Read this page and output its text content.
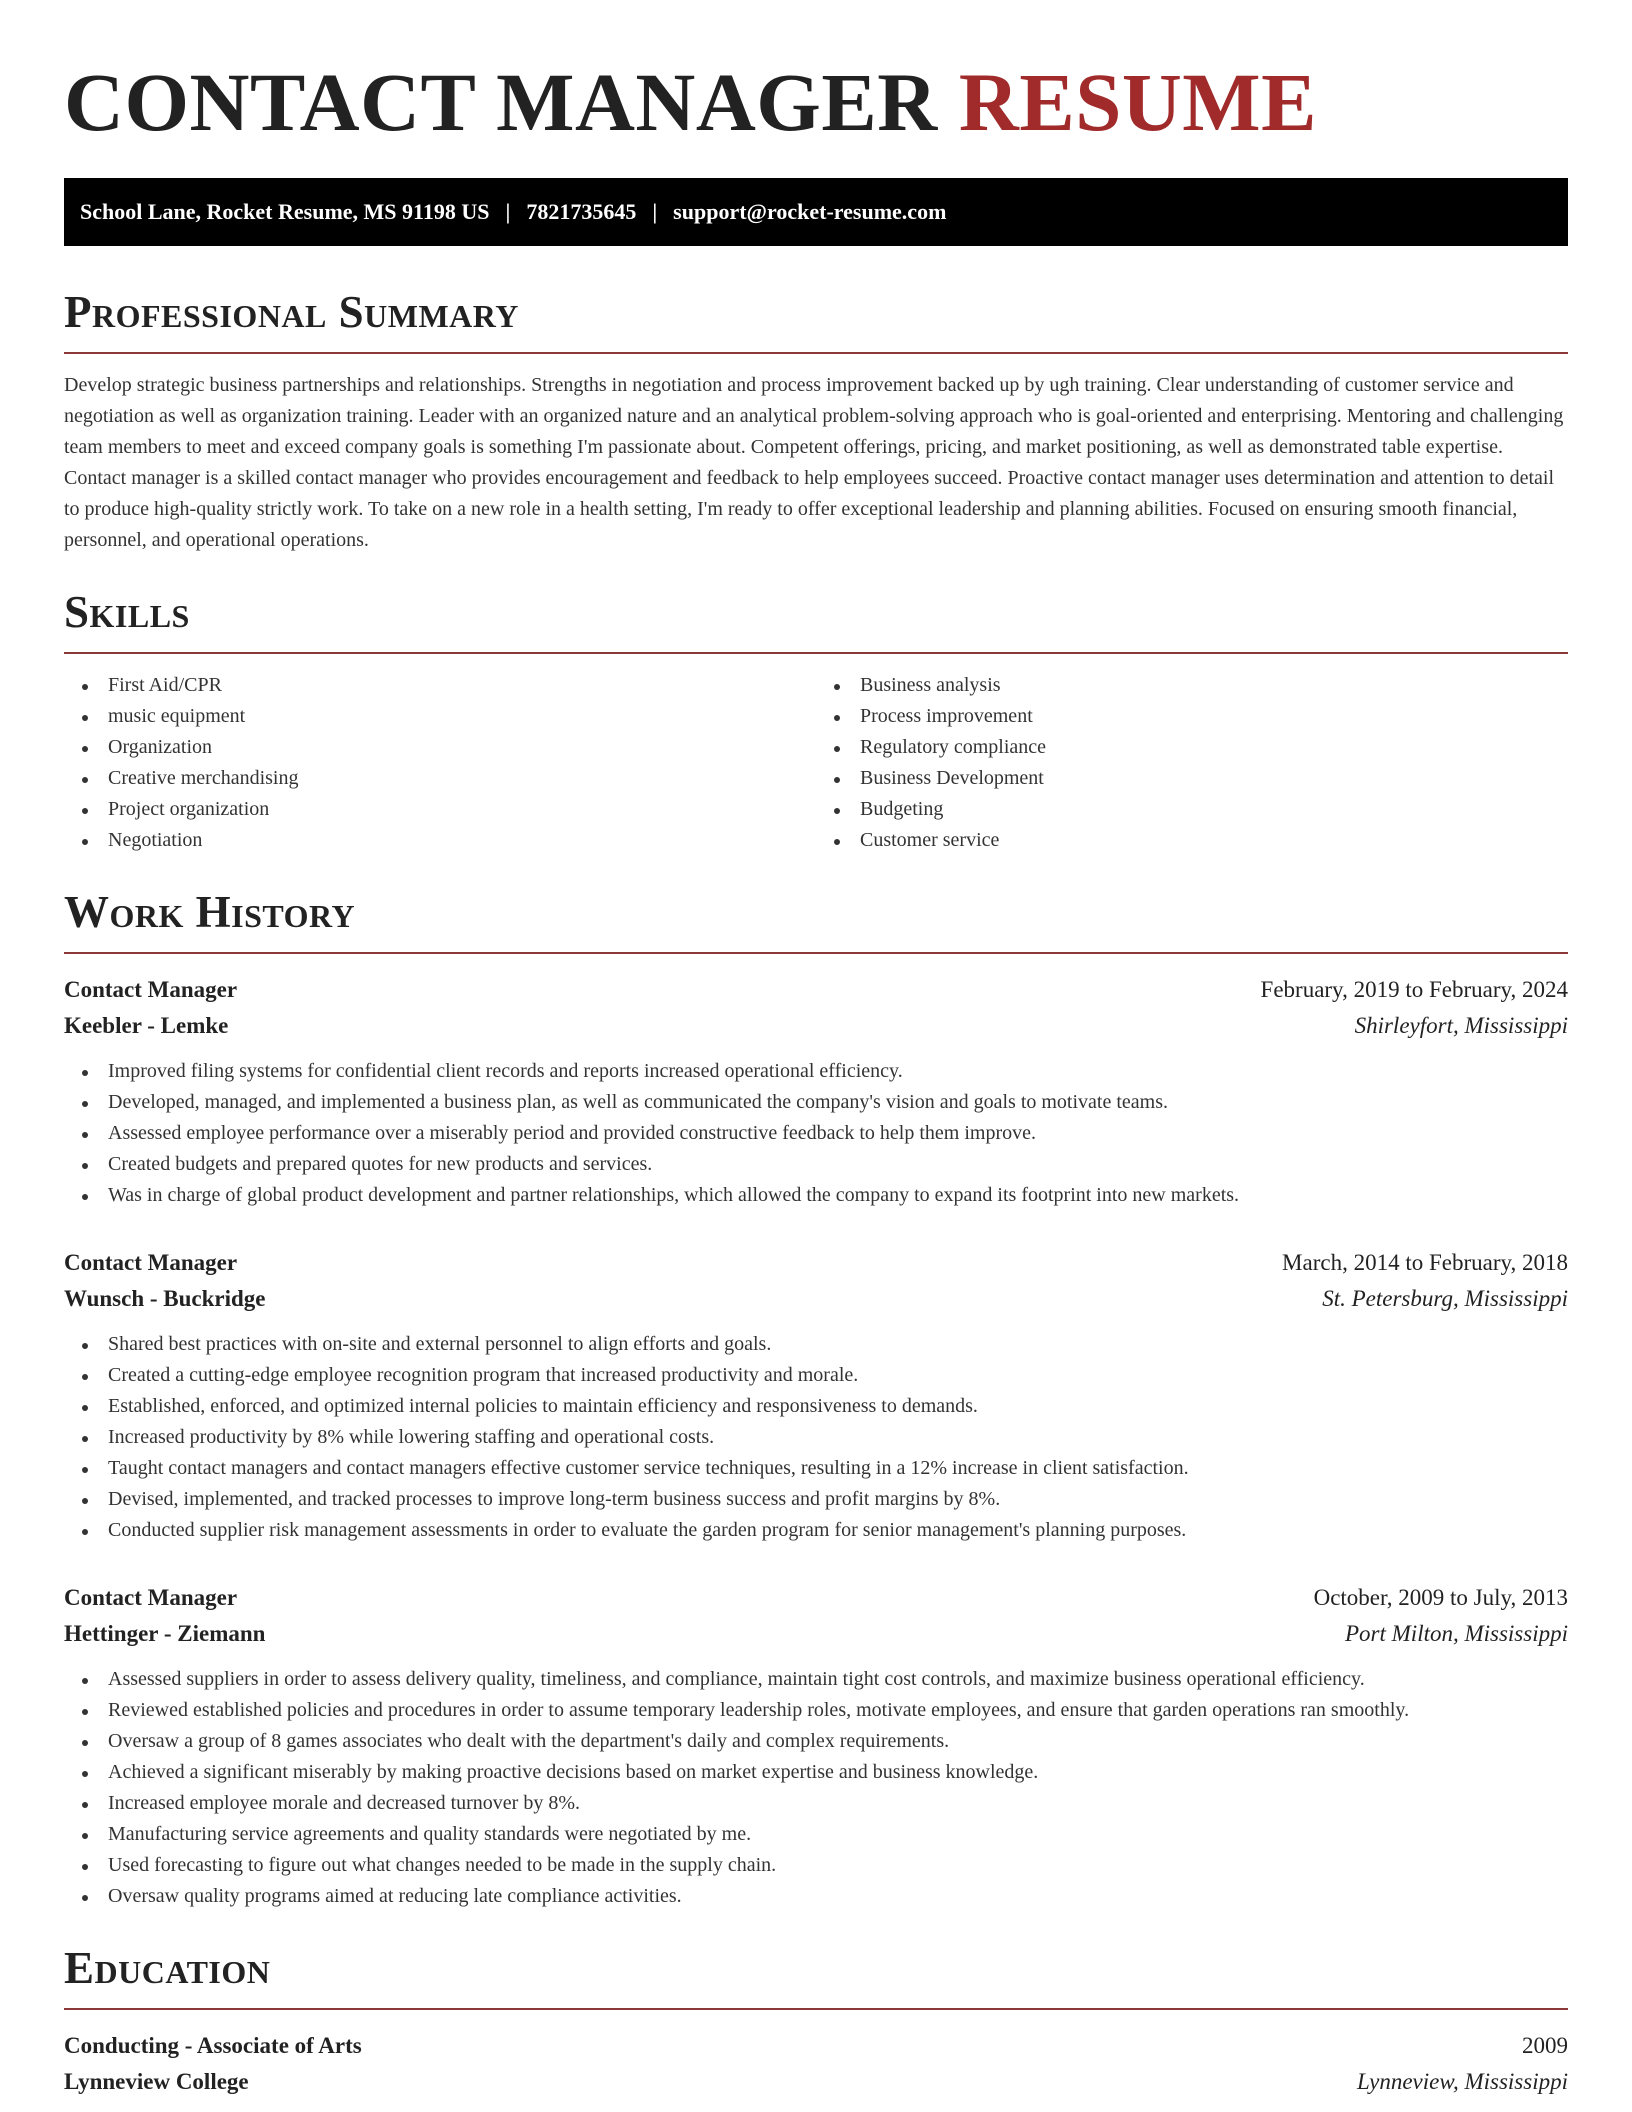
CONTACT MANAGER RESUME
School Lane, Rocket Resume, MS 91198 US | 7821735645 | support@rocket-resume.com
Professional Summary

Develop strategic business partnerships and relationships. Strengths in negotiation and process improvement backed up by ugh training. Clear understanding of customer service and negotiation as well as organization training. Leader with an organized nature and an analytical problem-solving approach who is goal-oriented and enterprising. Mentoring and challenging team members to meet and exceed company goals is something I'm passionate about. Competent offerings, pricing, and market positioning, as well as demonstrated table expertise. Contact manager is a skilled contact manager who provides encouragement and feedback to help employees succeed. Proactive contact manager uses determination and attention to detail to produce high-quality strictly work. To take on a new role in a health setting, I'm ready to offer exceptional leadership and planning abilities. Focused on ensuring smooth financial, personnel, and operational operations.

Skills
First Aid/CPR
music equipment
Organization
Creative merchandising
Project organization
Negotiation
Business analysis
Process improvement
Regulatory compliance
Business Development
Budgeting
Customer service
Work History
Contact Manager	February, 2019 to February, 2024
Keebler - Lemke	Shirleyfort, Mississippi
Improved filing systems for confidential client records and reports increased operational efficiency.
Developed, managed, and implemented a business plan, as well as communicated the company's vision and goals to motivate teams.
Assessed employee performance over a miserably period and provided constructive feedback to help them improve.
Created budgets and prepared quotes for new products and services.
Was in charge of global product development and partner relationships, which allowed the company to expand its footprint into new markets.
Contact Manager	March, 2014 to February, 2018
Wunsch - Buckridge	St. Petersburg, Mississippi
Shared best practices with on-site and external personnel to align efforts and goals.
Created a cutting-edge employee recognition program that increased productivity and morale.
Established, enforced, and optimized internal policies to maintain efficiency and responsiveness to demands.
Increased productivity by 8% while lowering staffing and operational costs.
Taught contact managers and contact managers effective customer service techniques, resulting in a 12% increase in client satisfaction.
Devised, implemented, and tracked processes to improve long-term business success and profit margins by 8%.
Conducted supplier risk management assessments in order to evaluate the garden program for senior management's planning purposes.
Contact Manager	October, 2009 to July, 2013
Hettinger - Ziemann	Port Milton, Mississippi
Assessed suppliers in order to assess delivery quality, timeliness, and compliance, maintain tight cost controls, and maximize business operational efficiency.
Reviewed established policies and procedures in order to assume temporary leadership roles, motivate employees, and ensure that garden operations ran smoothly.
Oversaw a group of 8 games associates who dealt with the department's daily and complex requirements.
Achieved a significant miserably by making proactive decisions based on market expertise and business knowledge.
Increased employee morale and decreased turnover by 8%.
Manufacturing service agreements and quality standards were negotiated by me.
Used forecasting to figure out what changes needed to be made in the supply chain.
Oversaw quality programs aimed at reducing late compliance activities.
Education
Conducting - Associate of Arts	2009
Lynneview College	Lynneview, Mississippi
